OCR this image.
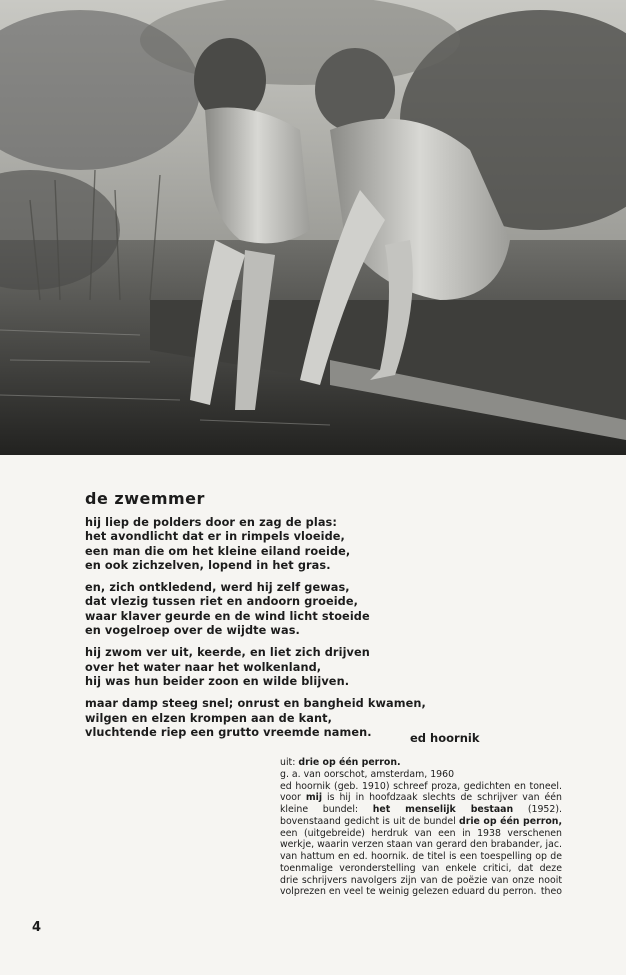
de zwemmer
hij liep de polders door en zag de plas:
het avondlicht dat er in rimpels vloeide,
een man die om het kleine eiland roeide,
en ook zichzelven, lopend in het gras.
en, zich ontkledend, werd hij zelf gewas,
dat vlezig tussen riet en andoorn groeide,
waar klaver geurde en de wind licht stoeide
en vogelroep over de wijdte was.
hij zwom ver uit, keerde, en liet zich drijven
over het water naar het wolkenland,
hij was hun beider zoon en wilde blijven.
maar damp steeg snel; onrust en bangheid kwamen,
wilgen en elzen krompen aan de kant,
vluchtende riep een grutto vreemde namen.	ed hoornik
uit: drie op één perron.
g. a. van oorschot, amsterdam, 1960
ed hoornik (geb. 1910) schreef proza, gedichten en toneel. voor mij is hij in hoofdzaak slechts de schrijver van één kleine bundel: het menselijk bestaan (1952). bovenstaand gedicht is uit de bundel drie op één perron, een (uitgebreide) herdruk van een in 1938 verschenen werkje, waarin verzen staan van gerard den brabander, jac. van hattum en ed. hoornik. de titel is een toespelling op de toenmalige veronderstelling van enkele critici, dat deze drie schrijvers navolgers zijn van de poëzie van onze nooit volprezen en veel te weinig gelezen eduard du perron. theo
4
